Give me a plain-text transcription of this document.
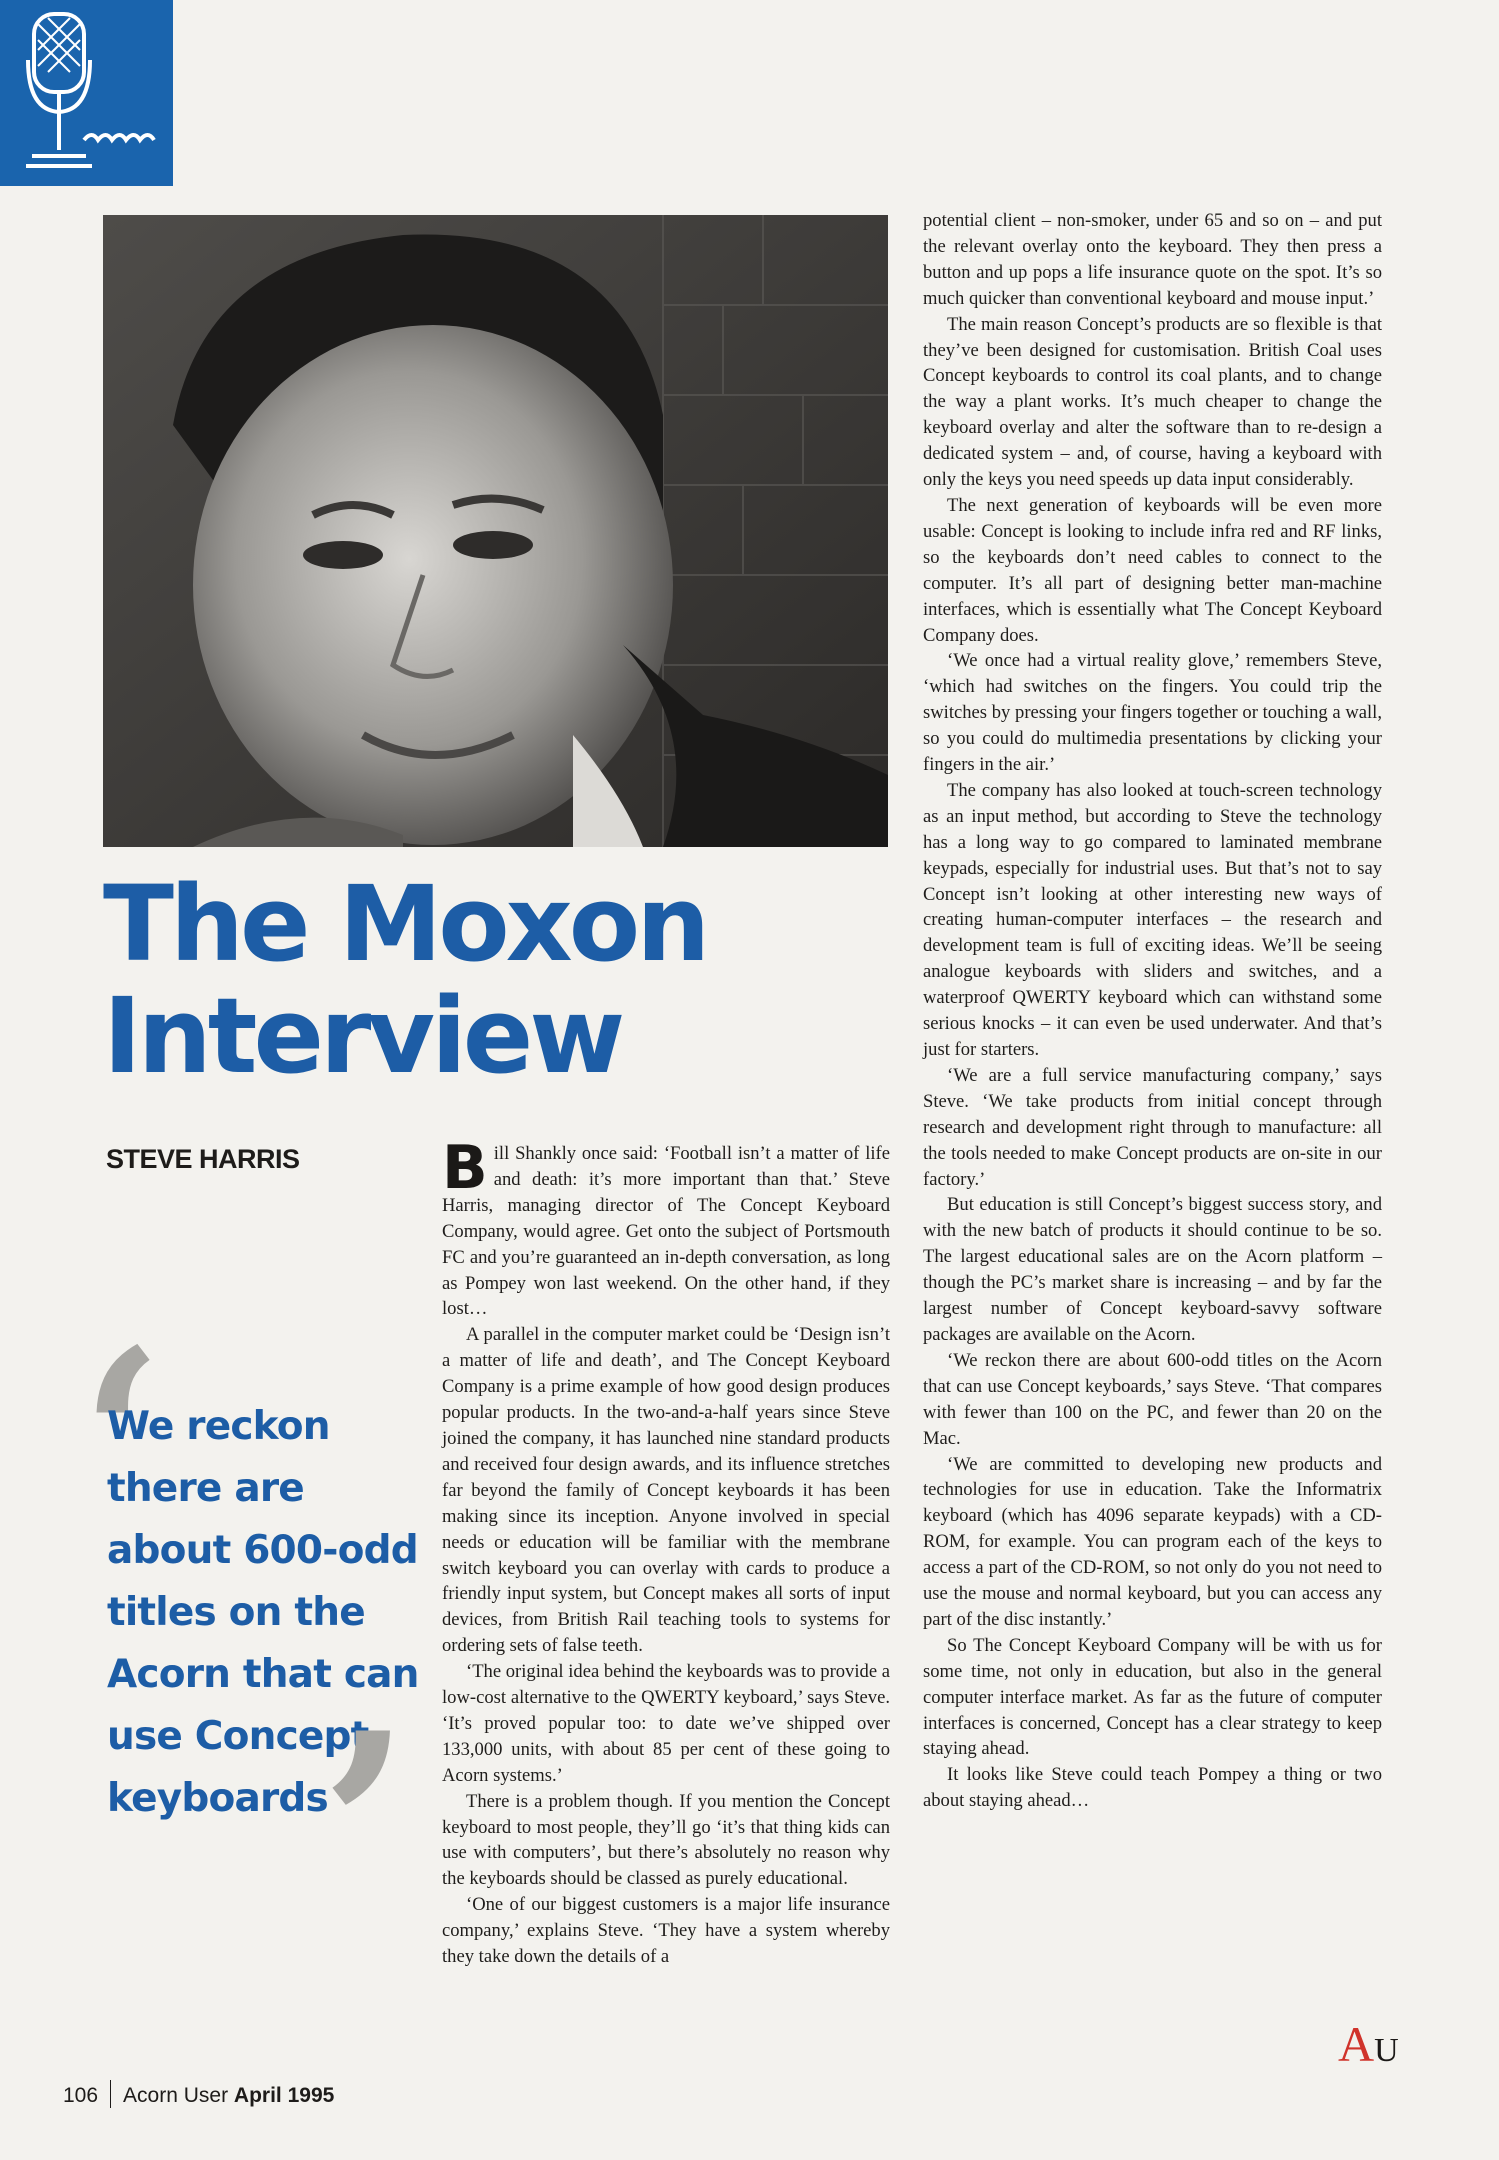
The Moxon
Interview
STEVE HARRIS
‘
We reckon
there are
about 600-odd
titles on the
Acorn that can
use Concept
keyboards
’

Bill Shankly once said: ‘Football isn’t a matter of life and death: it’s more important than that.’ Steve Harris, managing director of The Concept Keyboard Company, would agree. Get onto the subject of Portsmouth FC and you’re guaranteed an in-depth conversation, as long as Pompey won last weekend. On the other hand, if they lost…

A parallel in the computer market could be ‘Design isn’t a matter of life and death’, and The Concept Keyboard Company is a prime example of how good design produces popular products. In the two-and-a-half years since Steve joined the company, it has launched nine standard products and received four design awards, and its influence stretches far beyond the family of Concept keyboards it has been making since its inception. Anyone involved in special needs or education will be familiar with the membrane switch keyboard you can overlay with cards to produce a friendly input system, but Concept makes all sorts of input devices, from British Rail teaching tools to systems for ordering sets of false teeth.

‘The original idea behind the keyboards was to provide a low-cost alternative to the QWERTY keyboard,’ says Steve. ‘It’s proved popular too: to date we’ve shipped over 133,000 units, with about 85 per cent of these going to Acorn systems.’

There is a problem though. If you mention the Concept keyboard to most people, they’ll go ‘it’s that thing kids can use with computers’, but there’s absolutely no reason why the keyboards should be classed as purely educational.

‘One of our biggest customers is a major life insurance company,’ explains Steve. ‘They have a system whereby they take down the details of a

potential client – non-smoker, under 65 and so on – and put the relevant overlay onto the keyboard. They then press a button and up pops a life insurance quote on the spot. It’s so much quicker than conventional keyboard and mouse input.’

The main reason Concept’s products are so flexible is that they’ve been designed for customisation. British Coal uses Concept keyboards to control its coal plants, and to change the way a plant works. It’s much cheaper to change the keyboard overlay and alter the software than to re-design a dedicated system – and, of course, having a keyboard with only the keys you need speeds up data input considerably.

The next generation of keyboards will be even more usable: Concept is looking to include infra red and RF links, so the keyboards don’t need cables to connect to the computer. It’s all part of designing better man-machine interfaces, which is essentially what The Concept Keyboard Company does.

‘We once had a virtual reality glove,’ remembers Steve, ‘which had switches on the fingers. You could trip the switches by pressing your fingers together or touching a wall, so you could do multimedia presentations by clicking your fingers in the air.’

The company has also looked at touch-screen technology as an input method, but according to Steve the technology has a long way to go compared to laminated membrane keypads, especially for industrial uses. But that’s not to say Concept isn’t looking at other interesting new ways of creating human-computer interfaces – the research and development team is full of exciting ideas. We’ll be seeing analogue keyboards with sliders and switches, and a waterproof QWERTY keyboard which can withstand some serious knocks – it can even be used underwater. And that’s just for starters.

‘We are a full service manufacturing company,’ says Steve. ‘We take products from initial concept through research and development right through to manufacture: all the tools needed to make Concept products are on-site in our factory.’

But education is still Concept’s biggest success story, and with the new batch of products it should continue to be so. The largest educational sales are on the Acorn platform – though the PC’s market share is increasing – and by far the largest number of Concept keyboard-savvy software packages are available on the Acorn.

‘We reckon there are about 600-odd titles on the Acorn that can use Concept keyboards,’ says Steve. ‘That compares with fewer than 100 on the PC, and fewer than 20 on the Mac.

‘We are committed to developing new products and technologies for use in education. Take the Informatrix keyboard (which has 4096 separate keypads) with a CD-ROM, for example. You can program each of the keys to access a part of the CD-ROM, so not only do you not need to use the mouse and normal keyboard, but you can access any part of the disc instantly.’

So The Concept Keyboard Company will be with us for some time, not only in education, but also in the general computer interface market. As far as the future of computer interfaces is concerned, Concept has a clear strategy to keep staying ahead.

It looks like Steve could teach Pompey a thing or two about staying ahead…

AU
106 Acorn User April 1995
